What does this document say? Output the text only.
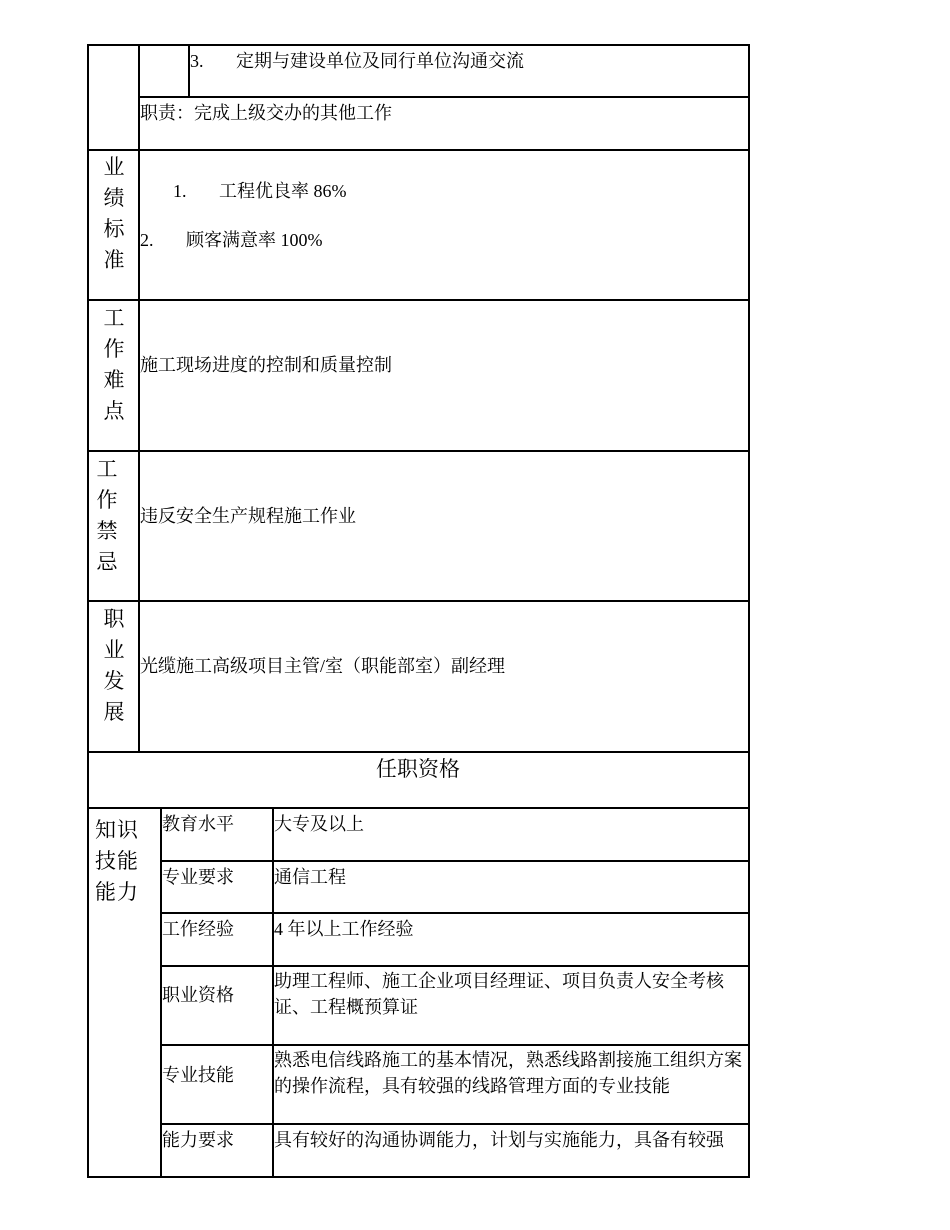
3. 定期与建设单位及同行单位沟通交流
职责：完成上级交办的其他工作
业
绩
标
准
1. 工程优良率 86%
2. 顾客满意率 100%
工
作
难
点
施工现场进度的控制和质量控制
工
作
禁
忌
违反安全生产规程施工作业
职
业
发
展
光缆施工高级项目主管/室（职能部室）副经理
任职资格
知识
技能
能力
教育水平 大专及以上
专业要求 通信工程
工作经验 4 年以上工作经验
职业资格
助理工程师、施工企业项目经理证、项目负责人安全考核证、工程概预算证
专业技能
熟悉电信线路施工的基本情况，熟悉线路割接施工组织方案的操作流程，具有较强的线路管理方面的专业技能
能力要求 具有较好的沟通协调能力，计划与实施能力，具备有较强
